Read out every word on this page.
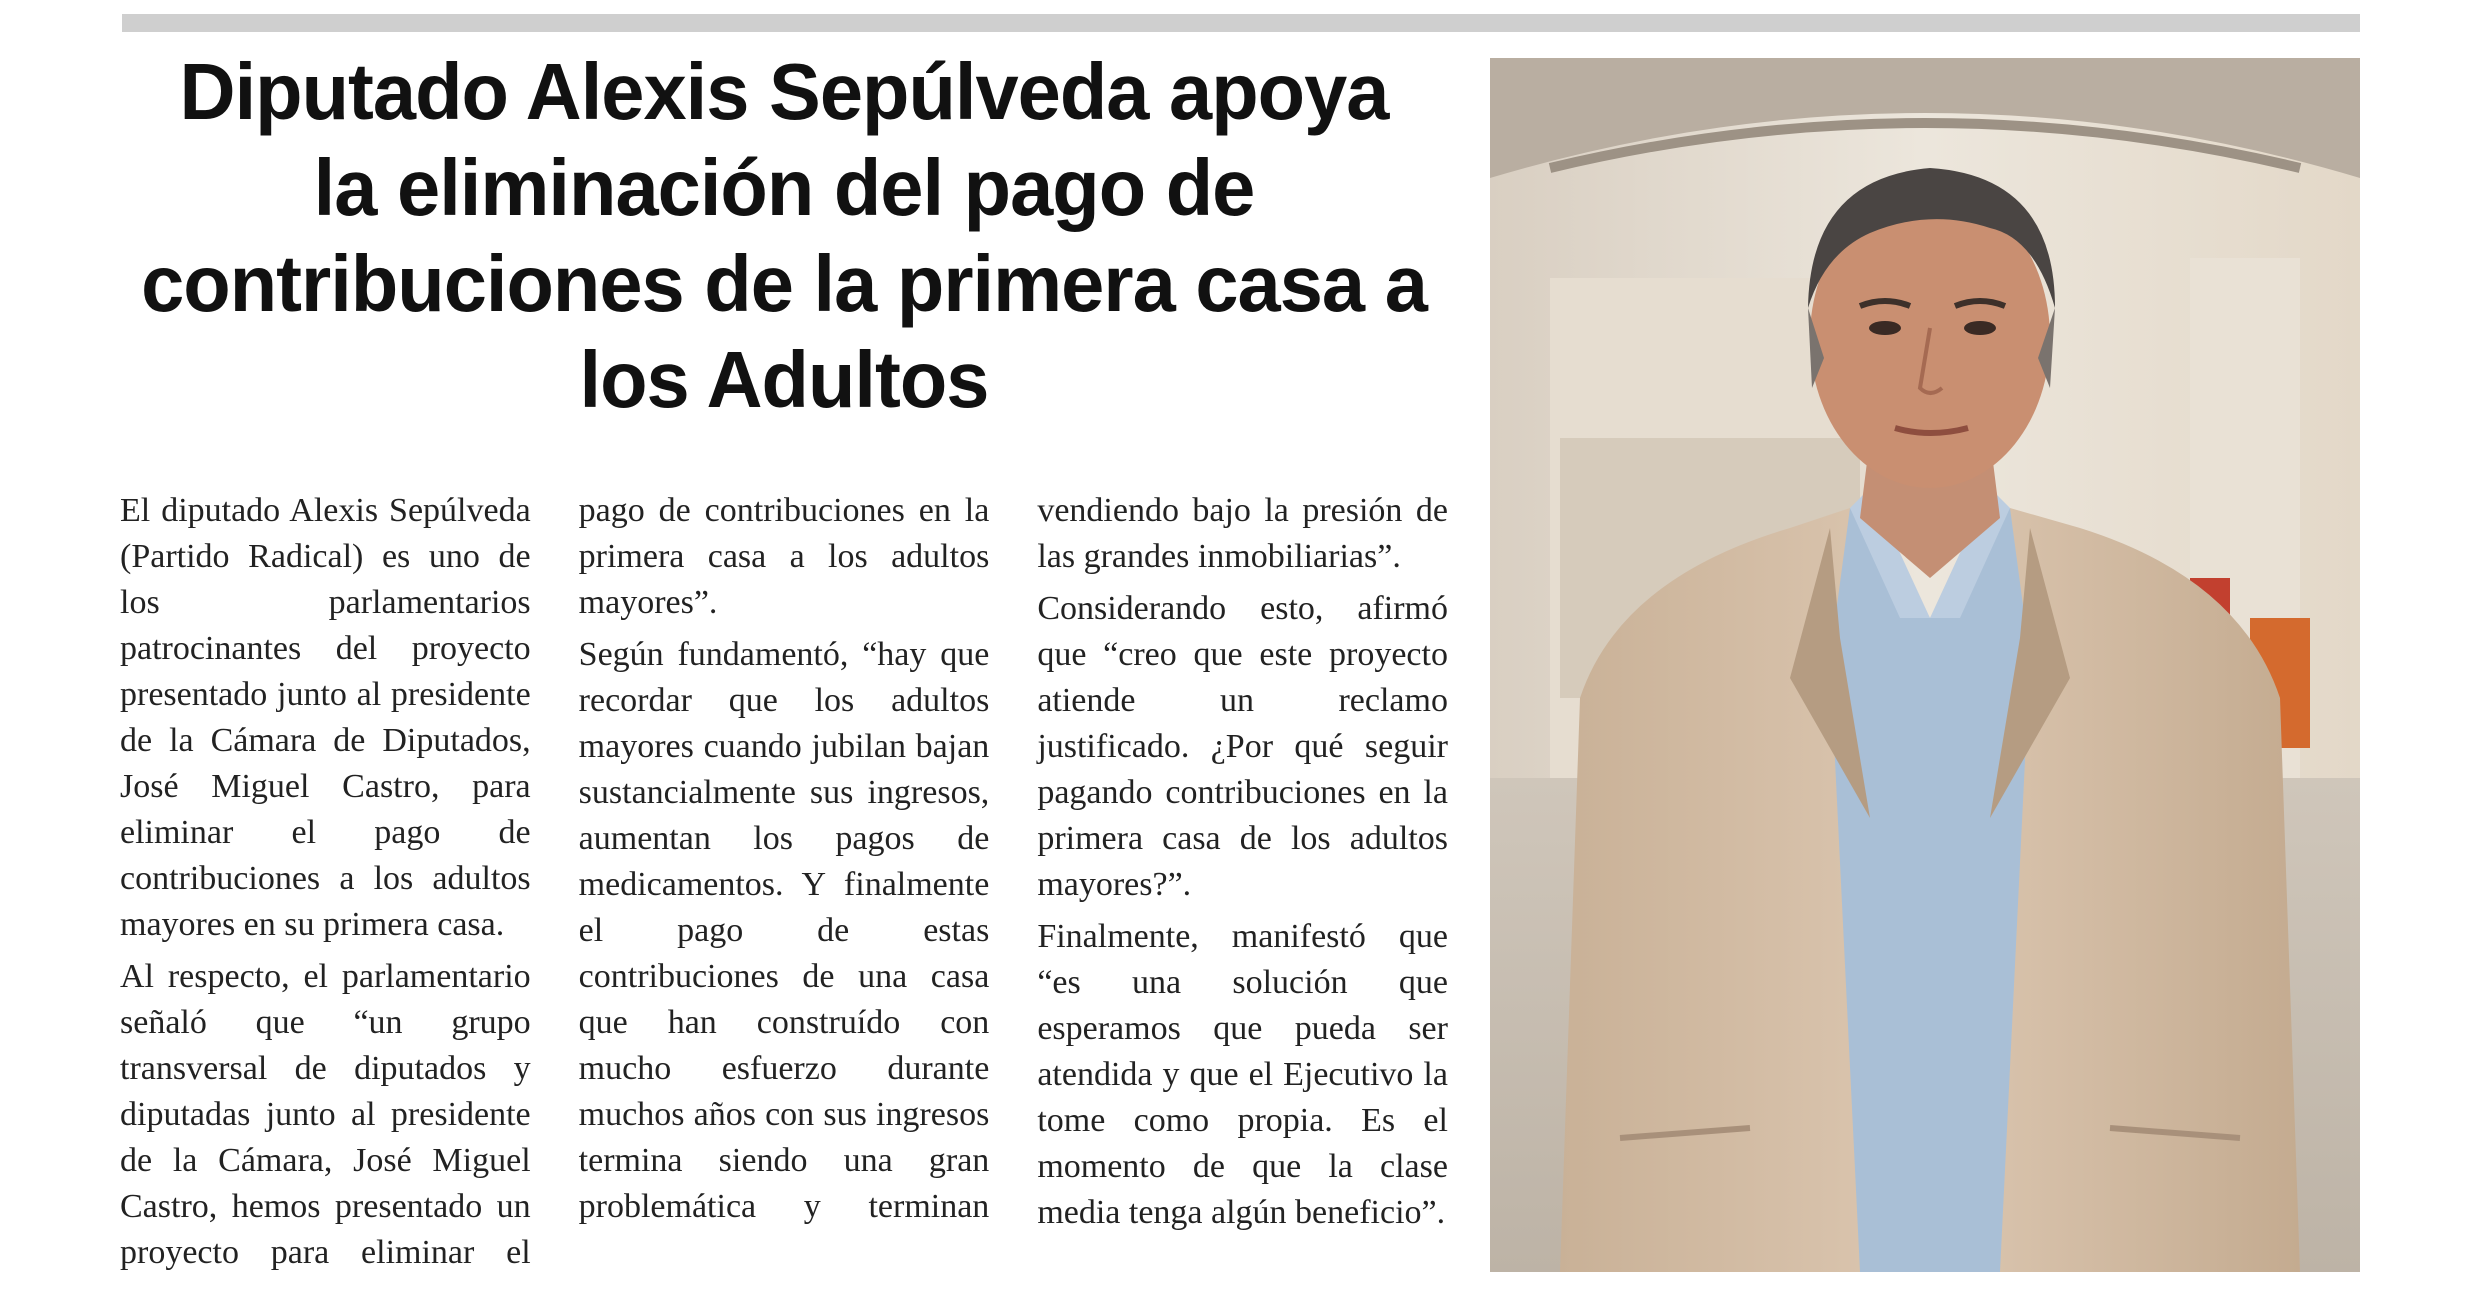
Diputado Alexis Sepúlveda apoya la eliminación del pago de contribuciones de la primera casa a los Adultos

El diputado Alexis Sepúlveda (Partido Radical) es uno de los parlamentarios patrocinantes del proyecto presentado junto al presidente de la Cámara de Diputados, José Miguel Castro, para eliminar el pago de contribuciones a los adultos mayores en su primera casa.

Al respecto, el parlamentario señaló que “un grupo transversal de diputados y diputadas junto al presidente de la Cámara, José Miguel Castro, hemos presentado un proyecto para eliminar el pago de contribuciones en la primera casa a los adultos mayores”.

Según fundamentó, “hay que recordar que los adultos mayores cuando jubilan bajan sustancialmente sus ingresos, aumentan los pagos de medicamentos. Y finalmente el pago de estas contribuciones de una casa que han construído con mucho esfuerzo durante muchos años con sus ingresos termina siendo una gran problemática y terminan vendiendo bajo la presión de las grandes inmobiliarias”.

Considerando esto, afirmó que “creo que este proyecto atiende un reclamo justificado. ¿Por qué seguir pagando contribuciones en la primera casa de los adultos mayores?”.

Finalmente, manifestó que “es una solución que esperamos que pueda ser atendida y que el Ejecutivo la tome como propia. Es el momento de que la clase media tenga algún beneficio”.
